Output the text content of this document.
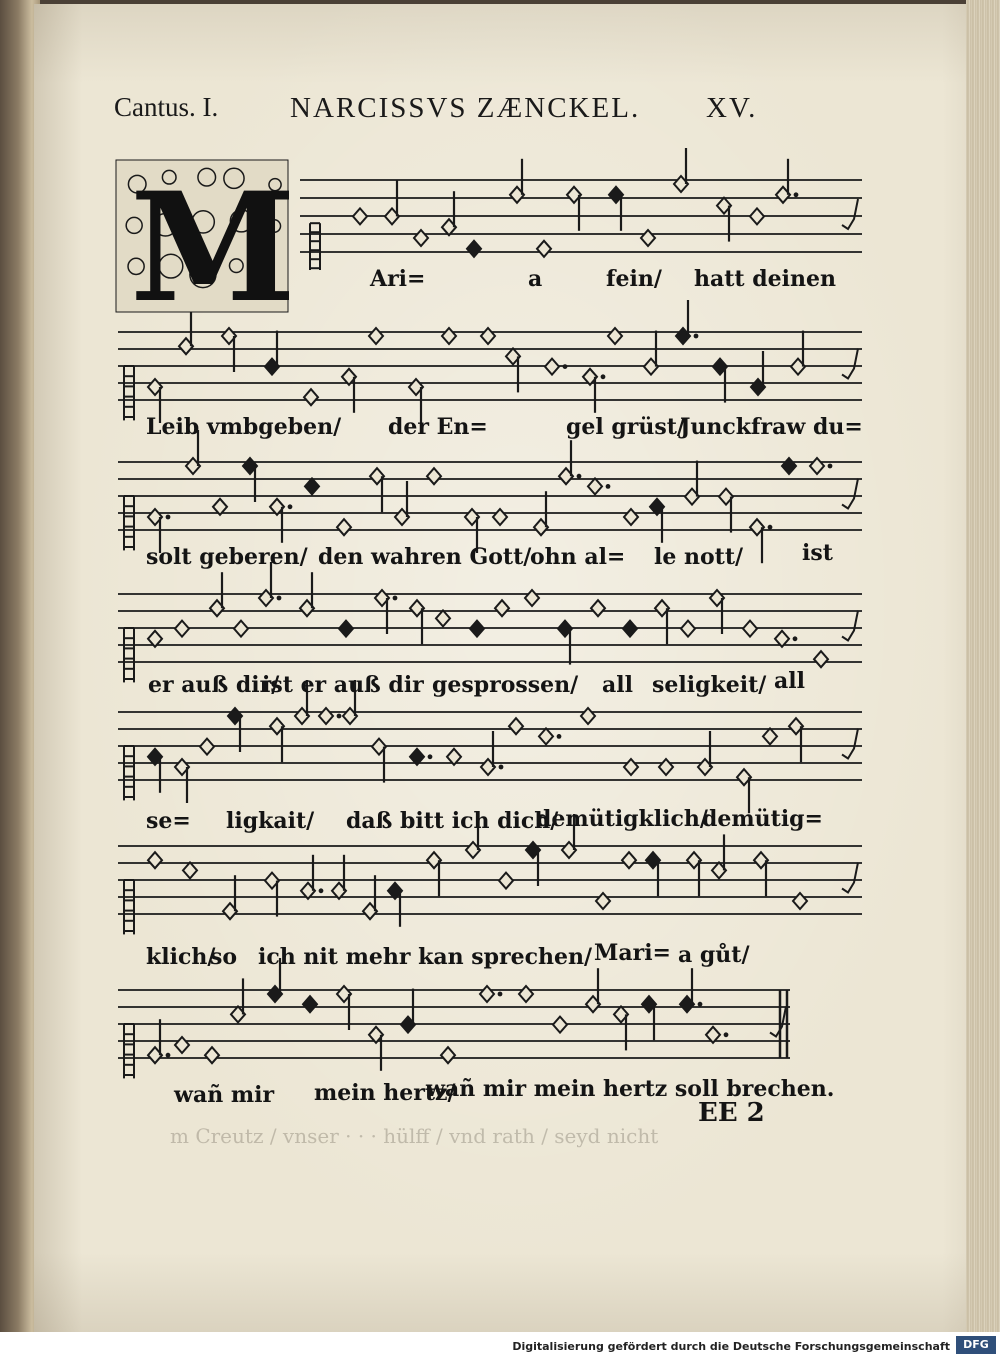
Cantus. I. NARCISSVS ZÆNCKEL. XV.
M	Ari=	a	fein/ hatt deinen
Leib vmbgeben/ der En=	gel grüst/
Junckfraw du=
solt geberen/ den wahren Gott/
ohn al= le nott/	ist
er auß dir/
ist er auß dir gesprossen/ all seligkeit/ all
se= ligkait/ daß bitt ich dich/
demütigklich/
demütig=
klich/
so ich nit mehr kan sprechen/ Mari= a gůt/
wañ mir mein hertz/
wañ mir mein hertz soll brechen.
EE 2
m Creutz / vnser · · · hülff / vnd rath / seyd nicht
Digitalisierung gefördert durch die Deutsche Forschungsgemeinschaft	DFG
